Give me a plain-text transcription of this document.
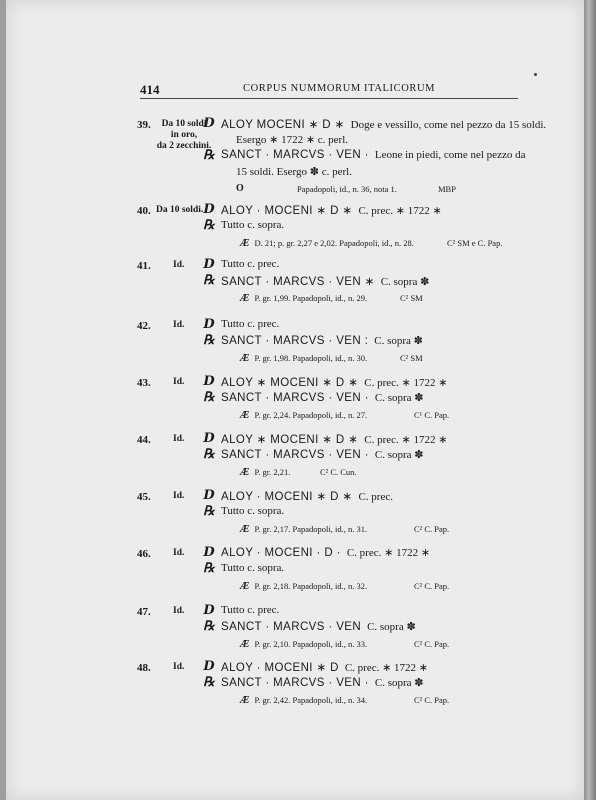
414	CORPUS NUMMORUM ITALICORUM
39.	Da 10 soldi
in oro,
da 2 zecchini.
D ALOY MOCENI ∗ D ∗ Doge e vessillo, come nel pezzo da 15 soldi.
Esergo ∗ 1722 ∗ c. perl.
℞ SANCT · MARCVS · VEN · Leone in piedi, come nel pezzo da
15 soldi. Esergo ✽ c. perl.
O	Papadopoli, id., n. 36, nota 1.	MBP
40. Da 10 soldi. D ALOY · MOCENI ∗ D ∗ C. prec. ∗ 1722 ∗
℞ Tutto c. sopra.
Æ D. 21; p. gr. 2,27 e 2,02. Papadopoli, id., n. 28.	C² SM e C. Pap.
41. Id. D Tutto c. prec.
℞ SANCT · MARCVS · VEN ∗ C. sopra ✽
Æ P. gr. 1,99. Papadopoli, id., n. 29.	C² SM
42. Id. D Tutto c. prec.
℞ SANCT · MARCVS · VEN : C. sopra ✽
Æ P. gr. 1,98. Papadopoli, id., n. 30.	C² SM
43. Id. D ALOY ∗ MOCENI ∗ D ∗ C. prec. ∗ 1722 ∗
℞ SANCT · MARCVS · VEN · C. sopra ✽
Æ P. gr. 2,24. Papadopoli, id., n. 27.	C¹ C. Pap.
44. Id. D ALOY ∗ MOCENI ∗ D ∗ C. prec. ∗ 1722 ∗
℞ SANCT · MARCVS · VEN · C. sopra ✽
Æ P. gr. 2,21.	C² C. Cun.
45. Id. D ALOY · MOCENI ∗ D ∗ C. prec.
℞ Tutto c. sopra.
Æ P. gr. 2,17. Papadopoli, id., n. 31.	C² C. Pap.
46. Id. D ALOY · MOCENI · D · C. prec. ∗ 1722 ∗
℞ Tutto c. sopra.
Æ P. gr. 2,18. Papadopoli, id., n. 32.	C² C. Pap.
47. Id. D Tutto c. prec.
℞ SANCT · MARCVS · VEN C. sopra ✽
Æ P. gr. 2,10. Papadopoli, id., n. 33.	C² C. Pap.
48. Id. D ALOY · MOCENI ∗ D C. prec. ∗ 1722 ∗
℞ SANCT · MARCVS · VEN · C. sopra ✽
Æ P. gr. 2,42. Papadopoli, id., n. 34.	C² C. Pap.
